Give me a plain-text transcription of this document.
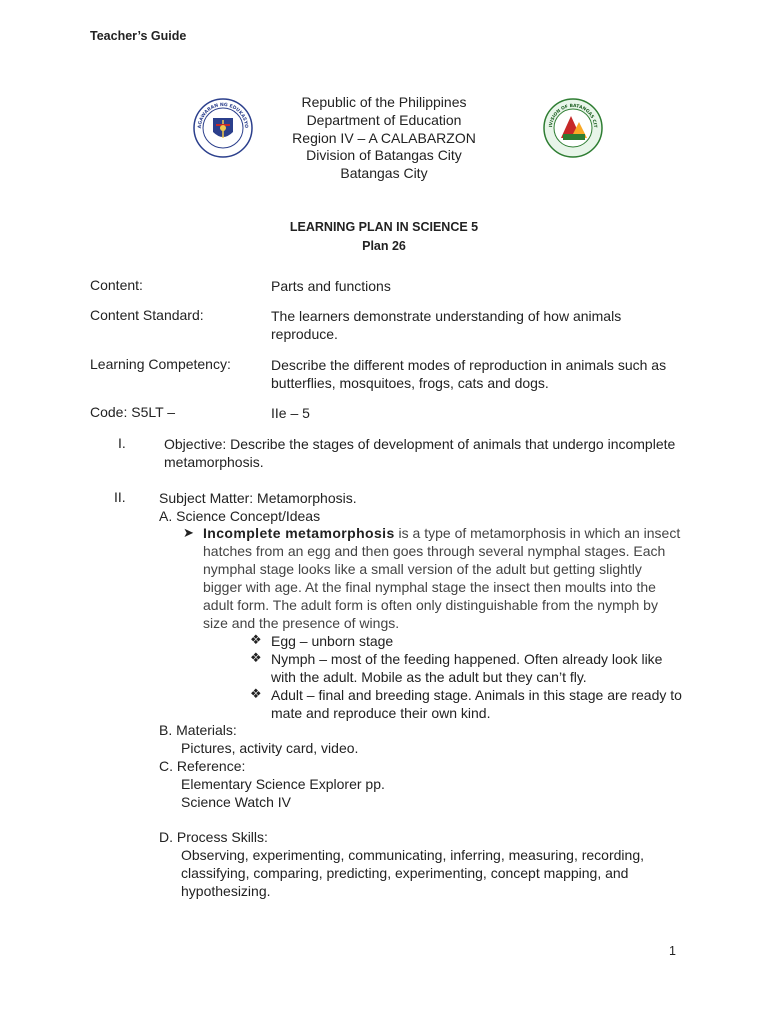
Teacher’s Guide
AGAWARAN NG EDUKASYO
Republic of the Philippines
Department of Education
Region IV – A CALABARZON
Division of Batangas City
Batangas City
IVISION OF BATANGAS CIT
LEARNING PLAN IN SCIENCE 5
Plan 26
Content:	Parts and functions
Content Standard:	The learners demonstrate understanding of how animals reproduce.
Learning Competency:	Describe the different modes of reproduction in animals such as butterflies, mosquitoes, frogs, cats and dogs.
Code: S5LT –	IIe – 5
I.	Objective: Describe the stages of development of animals that undergo incomplete metamorphosis.
II. Subject Matter: Metamorphosis.
A. Science Concept/Ideas
➤ Incomplete metamorphosis is a type of metamorphosis in which an insect hatches from an egg and then goes through several nymphal stages. Each nymphal stage looks like a small version of the adult but getting slightly bigger with age. At the final nymphal stage the insect then moults into the adult form. The adult form is often only distinguishable from the nymph by size and the presence of wings.
❖ Egg – unborn stage
❖ Nymph – most of the feeding happened. Often already look like with the adult. Mobile as the adult but they can’t fly.
❖ Adult – final and breeding stage. Animals in this stage are ready to mate and reproduce their own kind.
B. Materials:
Pictures, activity card, video.
C. Reference:
Elementary Science Explorer pp.
Science Watch IV
D. Process Skills:
Observing, experimenting, communicating, inferring, measuring, recording, classifying, comparing, predicting, experimenting, concept mapping, and hypothesizing.
1
